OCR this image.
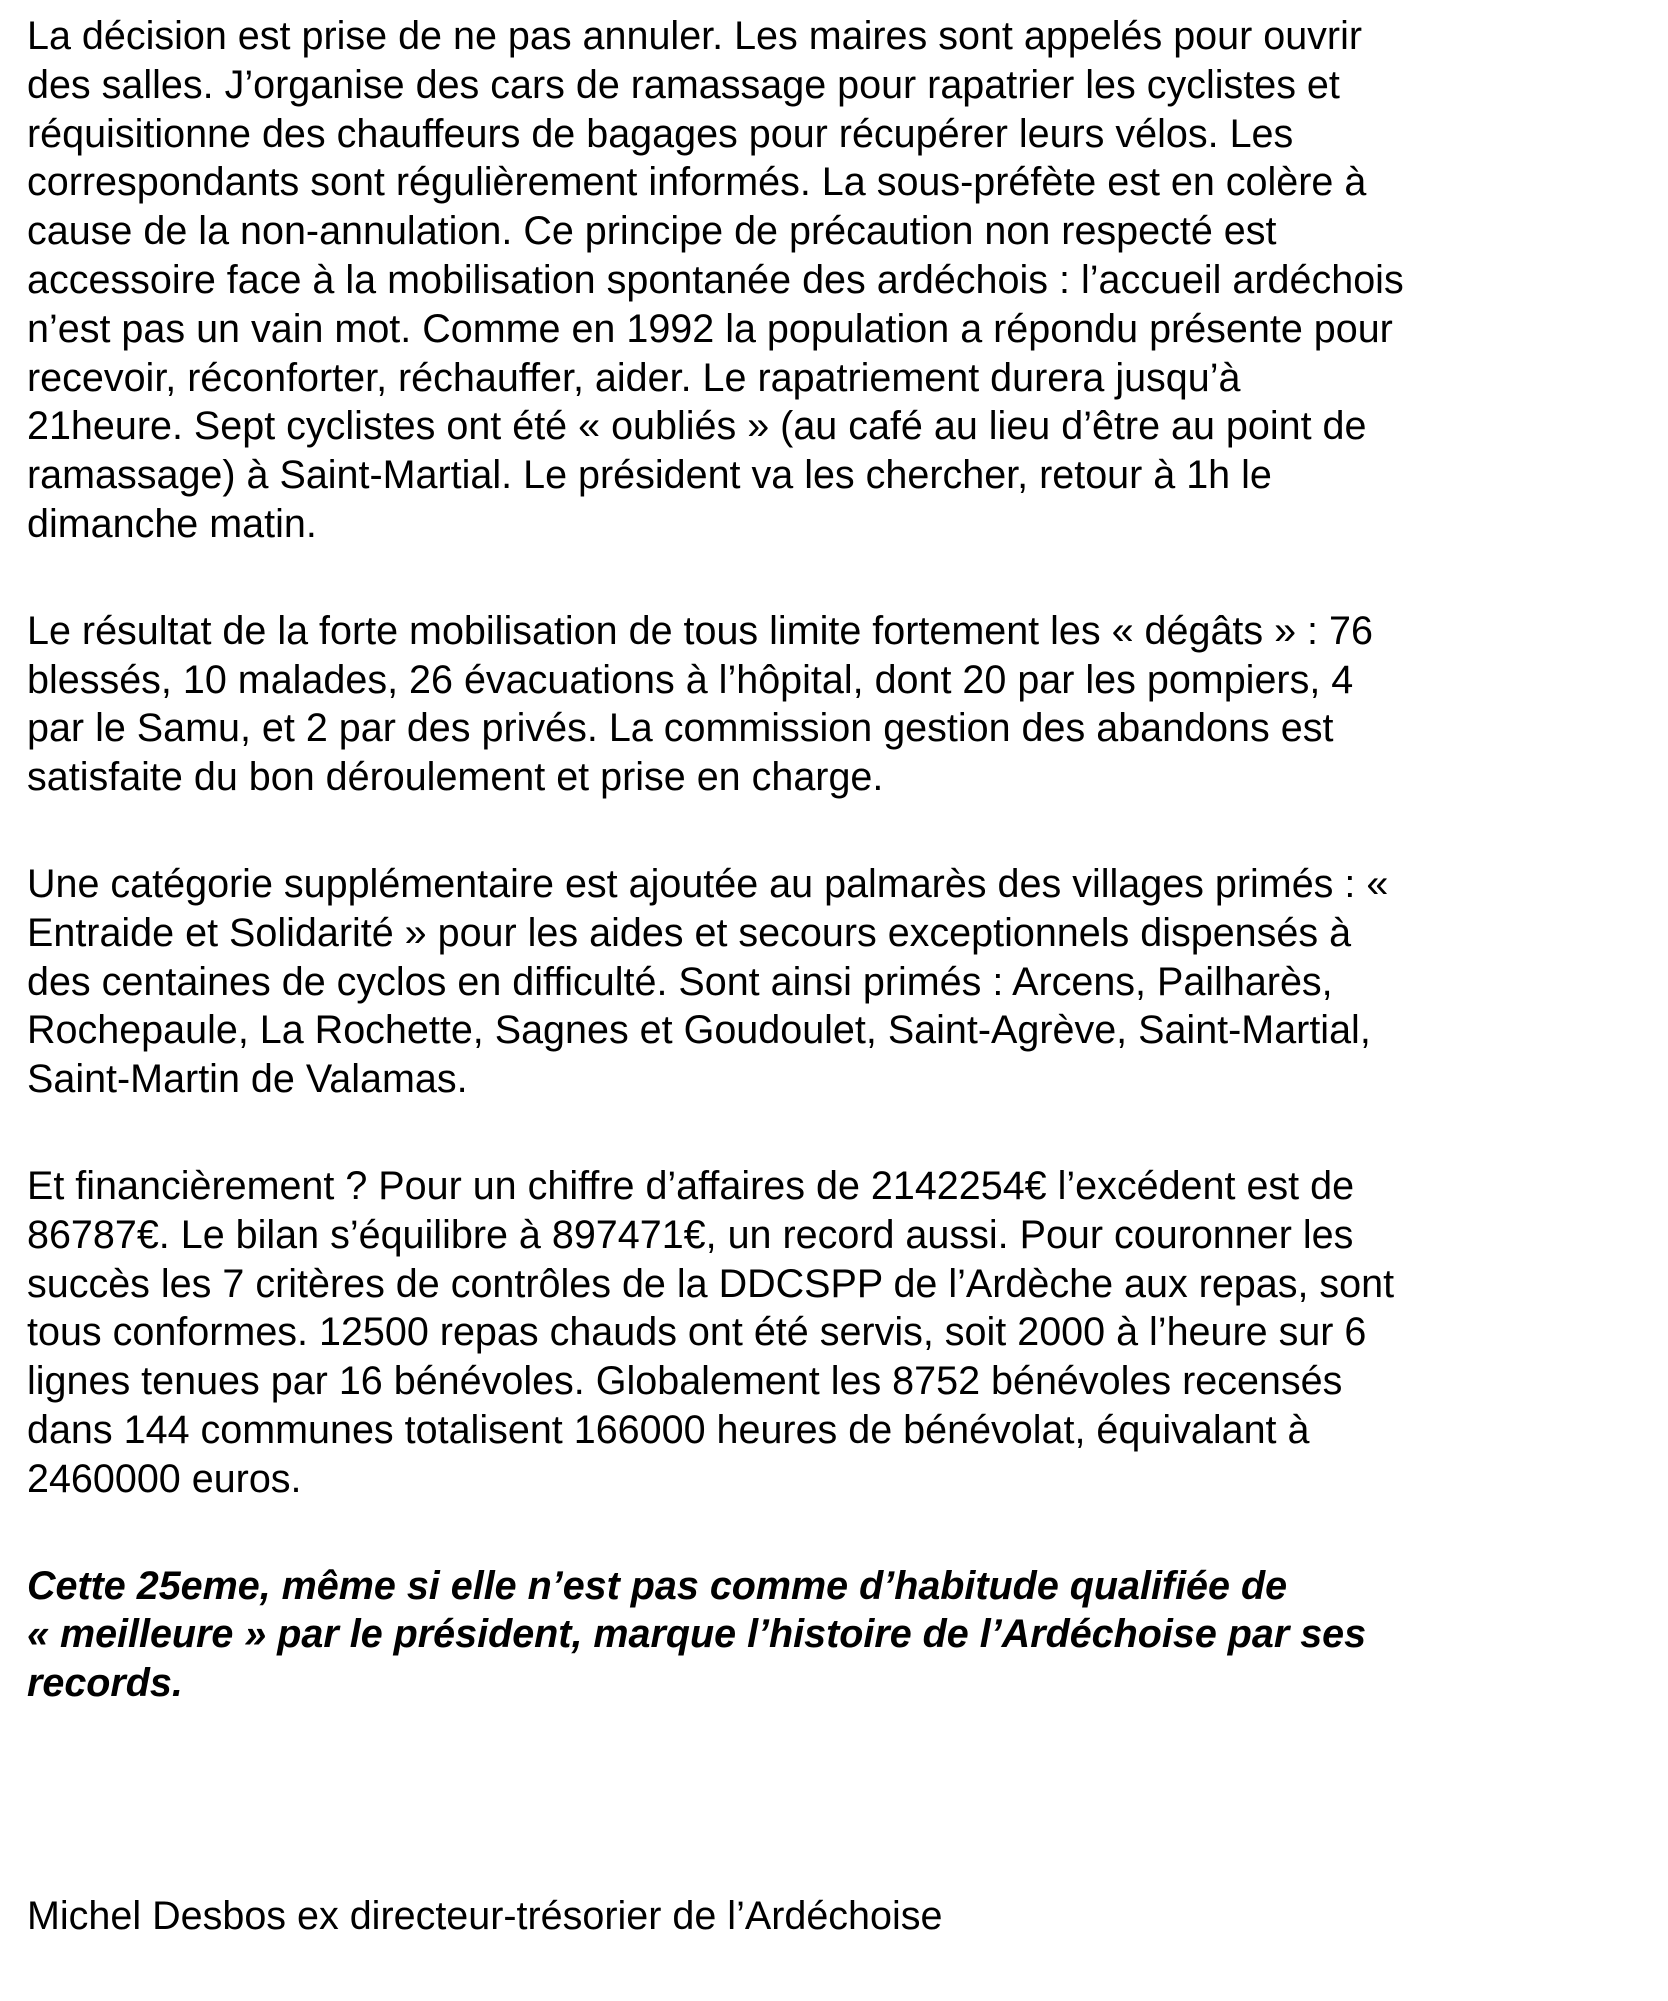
La décision est prise de ne pas annuler. Les maires sont appelés pour ouvrir
des salles. J’organise des cars de ramassage pour rapatrier les cyclistes et
réquisitionne des chauffeurs de bagages pour récupérer leurs vélos. Les
correspondants sont régulièrement informés. La sous-préfète est en colère à
cause de la non-annulation. Ce principe de précaution non respecté est
accessoire face à la mobilisation spontanée des ardéchois : l’accueil ardéchois
n’est pas un vain mot. Comme en 1992 la population a répondu présente pour
recevoir, réconforter, réchauffer, aider. Le rapatriement durera jusqu’à
21heure. Sept cyclistes ont été « oubliés » (au café au lieu d’être au point de
ramassage) à Saint-Martial. Le président va les chercher, retour à 1h le
dimanche matin.

Le résultat de la forte mobilisation de tous limite fortement les « dégâts » : 76
blessés, 10 malades, 26 évacuations à l’hôpital, dont 20 par les pompiers, 4
par le Samu, et 2 par des privés. La commission gestion des abandons est
satisfaite du bon déroulement et prise en charge.

Une catégorie supplémentaire est ajoutée au palmarès des villages primés : «
Entraide et Solidarité » pour les aides et secours exceptionnels dispensés à
des centaines de cyclos en difficulté. Sont ainsi primés : Arcens, Pailharès,
Rochepaule, La Rochette, Sagnes et Goudoulet, Saint-Agrève, Saint-Martial,
Saint-Martin de Valamas.

Et financièrement ? Pour un chiffre d’affaires de 2142254€ l’excédent est de
86787€. Le bilan s’équilibre à 897471€, un record aussi. Pour couronner les
succès les 7 critères de contrôles de la DDCSPP de l’Ardèche aux repas, sont
tous conformes. 12500 repas chauds ont été servis, soit 2000 à l’heure sur 6
lignes tenues par 16 bénévoles. Globalement les 8752 bénévoles recensés
dans 144 communes totalisent 166000 heures de bénévolat, équivalant à
2460000 euros.

Cette 25eme, même si elle n’est pas comme d’habitude qualifiée de
« meilleure » par le président, marque l’histoire de l’Ardéchoise par ses
records.

Michel Desbos ex directeur-trésorier de l’Ardéchoise
